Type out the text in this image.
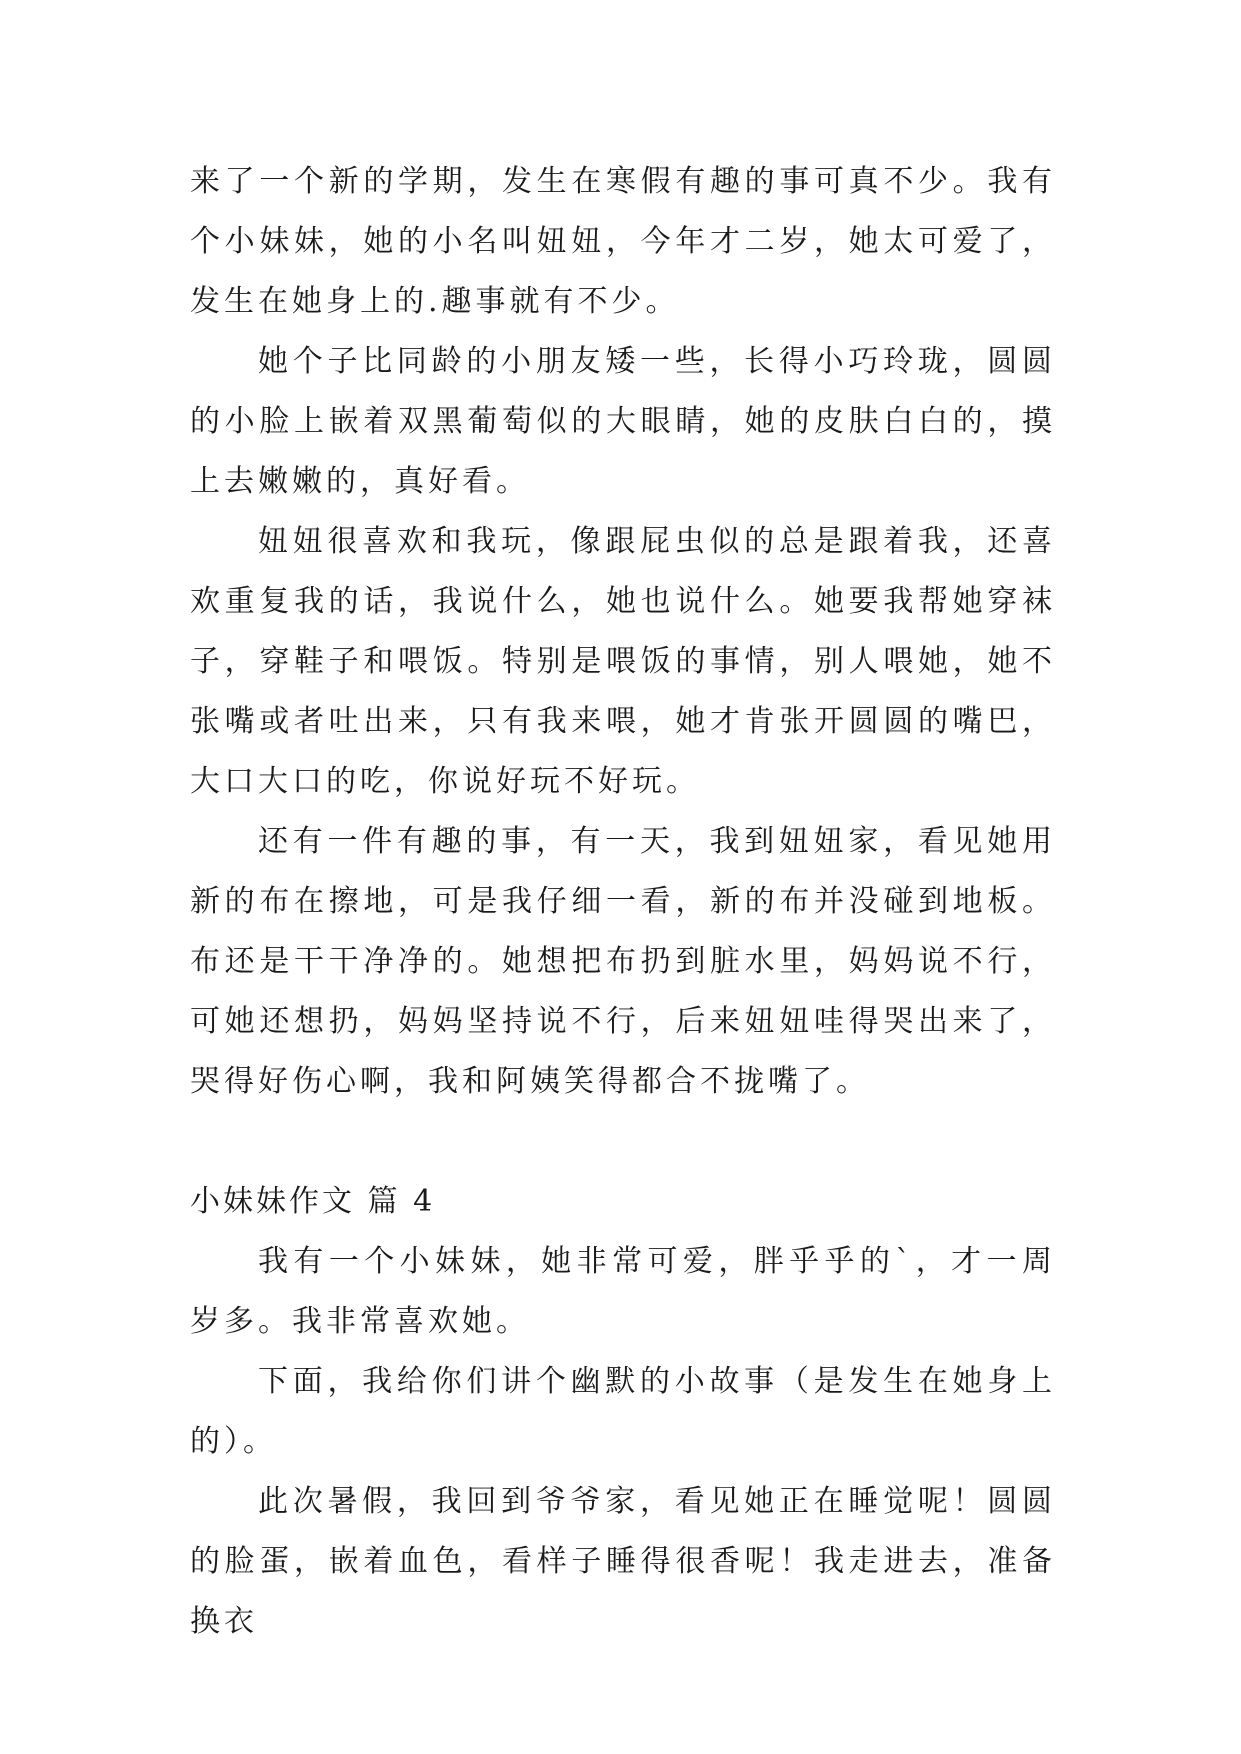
来了一个新的学期，发生在寒假有趣的事可真不少。我有个小妹妹，她的小名叫妞妞，今年才二岁，她太可爱了，发生在她身上的.趣事就有不少。

她个子比同龄的小朋友矮一些，长得小巧玲珑，圆圆的小脸上嵌着双黑葡萄似的大眼睛，她的皮肤白白的，摸上去嫩嫩的，真好看。

妞妞很喜欢和我玩，像跟屁虫似的总是跟着我，还喜欢重复我的话，我说什么，她也说什么。她要我帮她穿袜子，穿鞋子和喂饭。特别是喂饭的事情，别人喂她，她不张嘴或者吐出来，只有我来喂，她才肯张开圆圆的嘴巴，大口大口的吃，你说好玩不好玩。

还有一件有趣的事，有一天，我到妞妞家，看见她用新的布在擦地，可是我仔细一看，新的布并没碰到地板。布还是干干净净的。她想把布扔到脏水里，妈妈说不行，可她还想扔，妈妈坚持说不行，后来妞妞哇得哭出来了，哭得好伤心啊，我和阿姨笑得都合不拢嘴了。

小妹妹作文 篇 4

我有一个小妹妹，她非常可爱，胖乎乎的`，才一周岁多。我非常喜欢她。

下面，我给你们讲个幽默的小故事（是发生在她身上的）。

此次暑假，我回到爷爷家，看见她正在睡觉呢！圆圆的脸蛋，嵌着血色，看样子睡得很香呢！我走进去，准备换衣
